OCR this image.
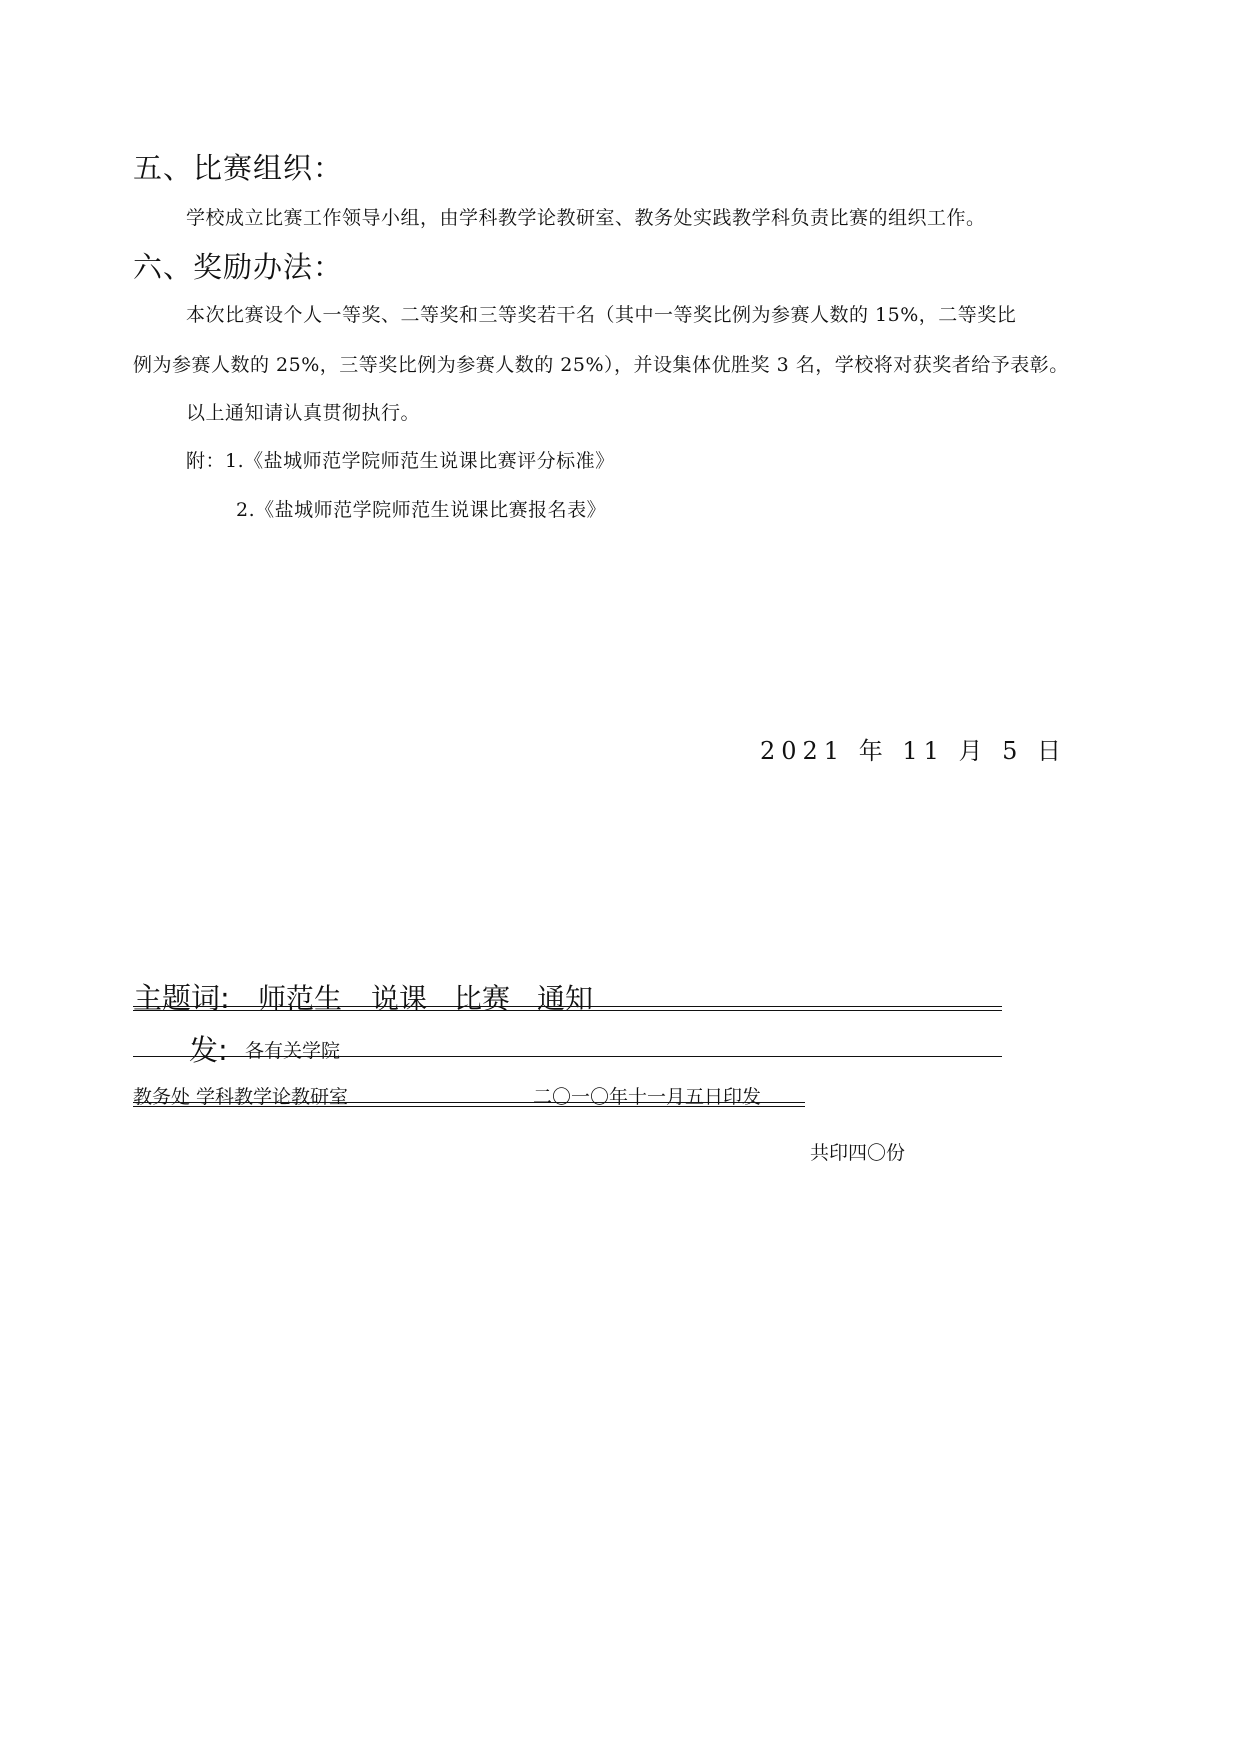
五、比赛组织：
学校成立比赛工作领导小组，由学科教学论教研室、教务处实践教学科负责比赛的组织工作。
六、奖励办法：
本次比赛设个人一等奖、二等奖和三等奖若干名（其中一等奖比例为参赛人数的 15%，二等奖比
例为参赛人数的 25%，三等奖比例为参赛人数的 25%），并设集体优胜奖 3 名，学校将对获奖者给予表彰。
以上通知请认真贯彻执行。
附：1.《盐城师范学院师范生说课比赛评分标准》
2.《盐城师范学院师范生说课比赛报名表》
2021 年 11 月 5 日
主题词: 师范生 说课 比赛 通知
发: 各有关学院
教务处 学科教学论教研室	二〇一〇年十一月五日印发
共印四〇份
